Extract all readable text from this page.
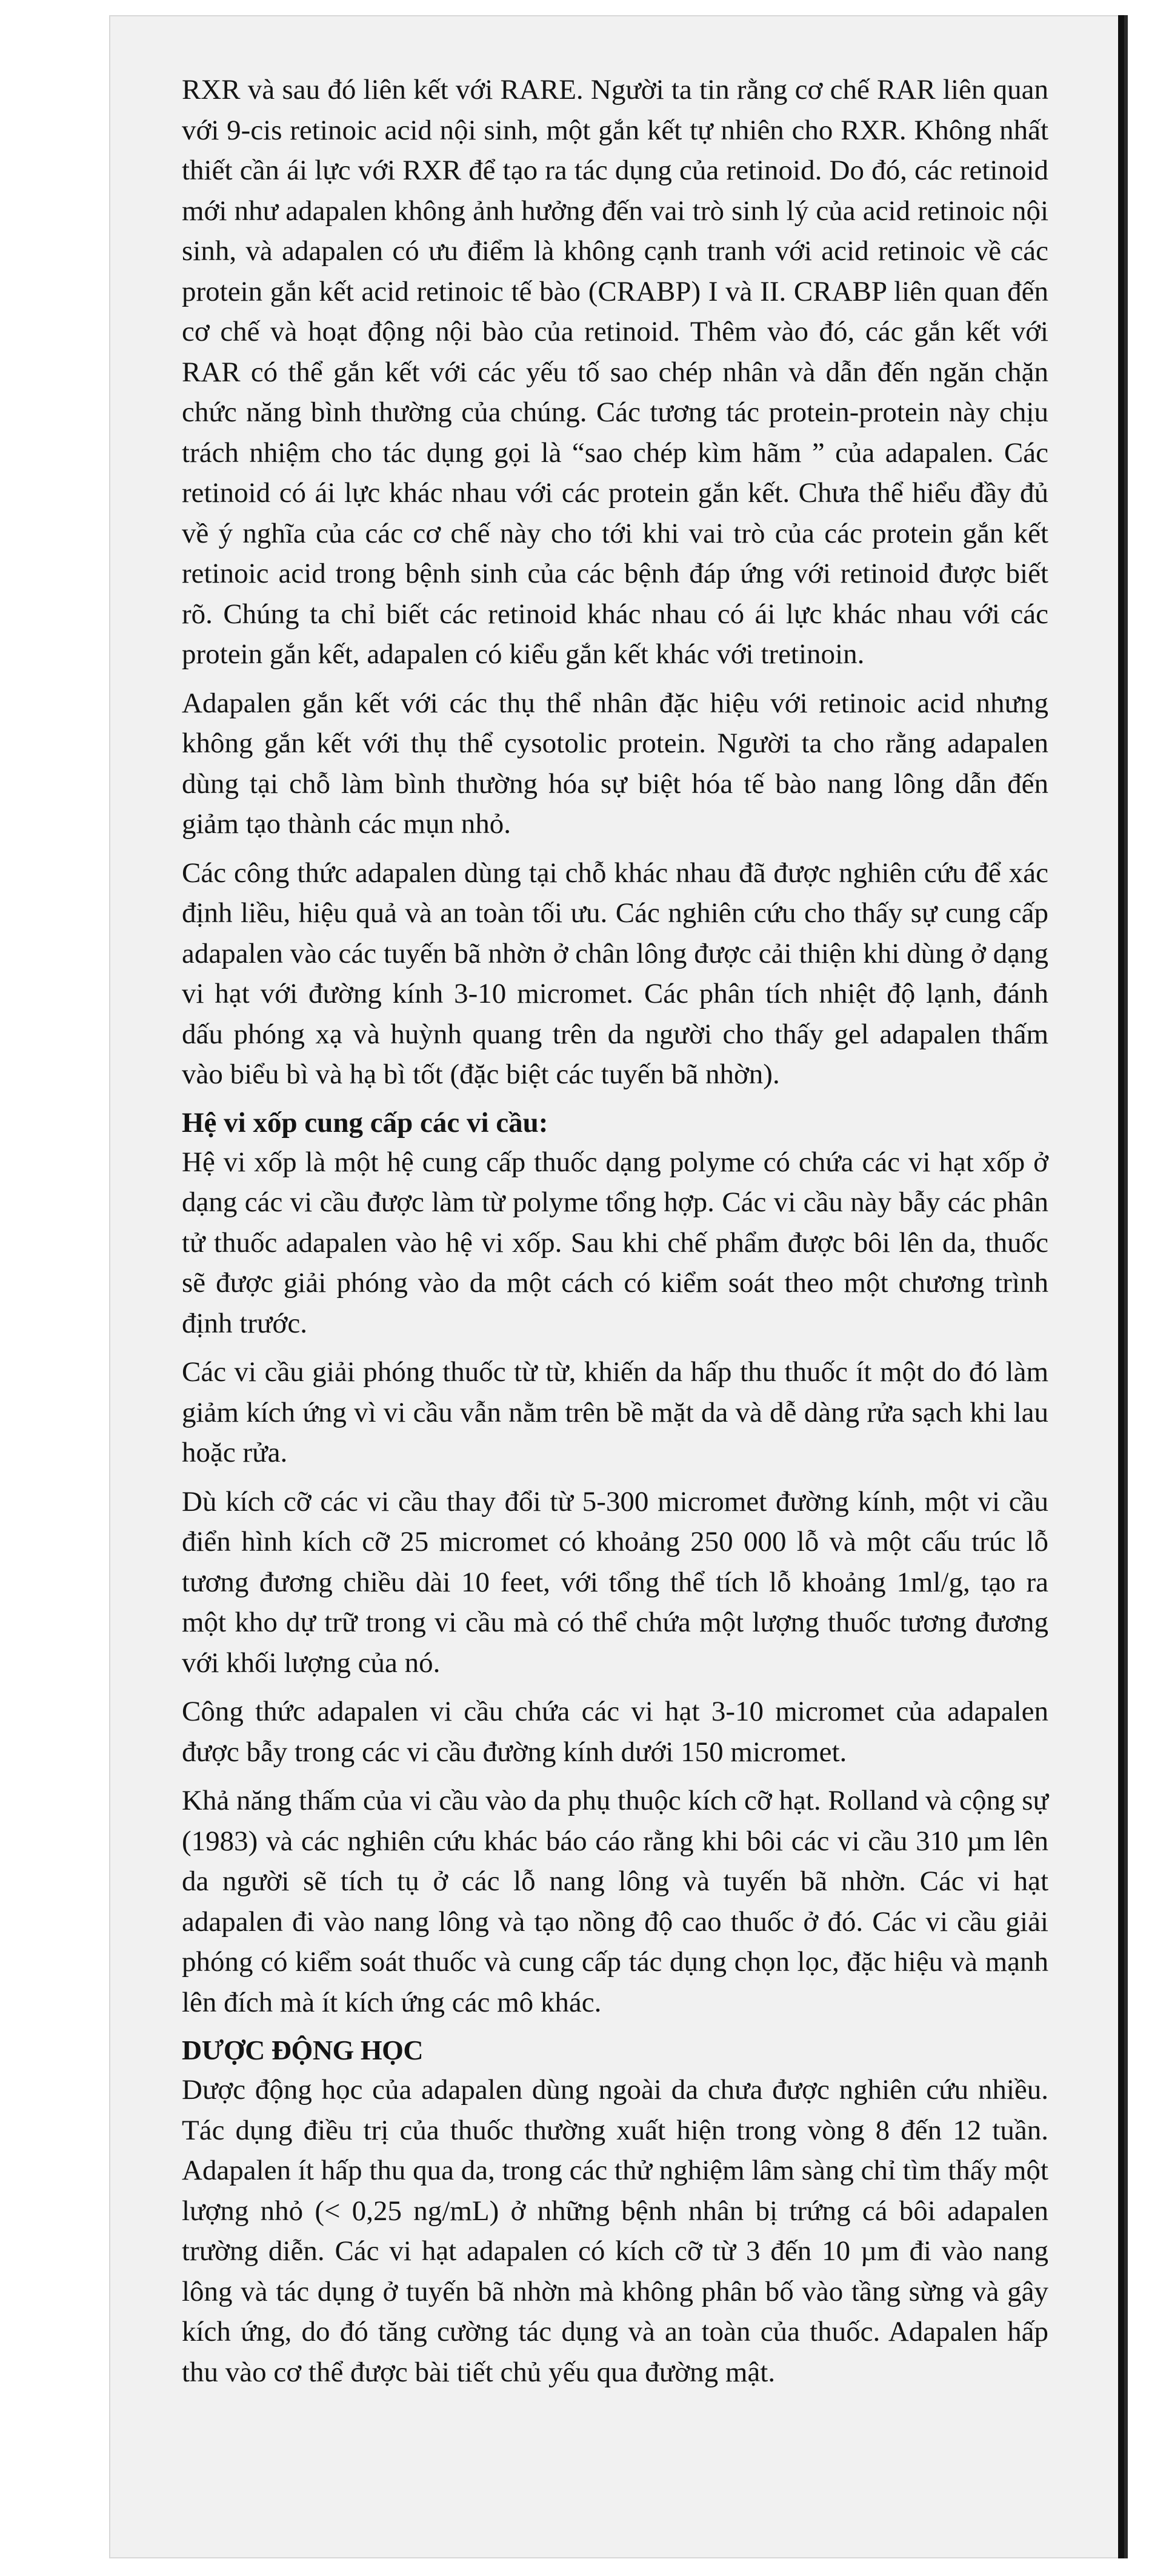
RXR và sau đó liên kết với RARE. Người ta tin rằng cơ chế RAR liên quan với 9-cis retinoic acid nội sinh, một gắn kết tự nhiên cho RXR. Không nhất thiết cần ái lực với RXR để tạo ra tác dụng của retinoid. Do đó, các retinoid mới như adapalen không ảnh hưởng đến vai trò sinh lý của acid retinoic nội sinh, và adapalen có ưu điểm là không cạnh tranh với acid retinoic về các protein gắn kết acid retinoic tế bào (CRABP) I và II. CRABP liên quan đến cơ chế và hoạt động nội bào của retinoid. Thêm vào đó, các gắn kết với RAR có thể gắn kết với các yếu tố sao chép nhân và dẫn đến ngăn chặn chức năng bình thường của chúng. Các tương tác protein-protein này chịu trách nhiệm cho tác dụng gọi là “sao chép kìm hãm ” của adapalen. Các retinoid có ái lực khác nhau với các protein gắn kết. Chưa thể hiểu đầy đủ về ý nghĩa của các cơ chế này cho tới khi vai trò của các protein gắn kết retinoic acid trong bệnh sinh của các bệnh đáp ứng với retinoid được biết rõ. Chúng ta chỉ biết các retinoid khác nhau có ái lực khác nhau với các protein gắn kết, adapalen có kiểu gắn kết khác với tretinoin.

Adapalen gắn kết với các thụ thể nhân đặc hiệu với retinoic acid nhưng không gắn kết với thụ thể cysotolic protein. Người ta cho rằng adapalen dùng tại chỗ làm bình thường hóa sự biệt hóa tế bào nang lông dẫn đến giảm tạo thành các mụn nhỏ.

Các công thức adapalen dùng tại chỗ khác nhau đã được nghiên cứu để xác định liều, hiệu quả và an toàn tối ưu. Các nghiên cứu cho thấy sự cung cấp adapalen vào các tuyến bã nhờn ở chân lông được cải thiện khi dùng ở dạng vi hạt với đường kính 3-10 micromet. Các phân tích nhiệt độ lạnh, đánh dấu phóng xạ và huỳnh quang trên da người cho thấy gel adapalen thấm vào biểu bì và hạ bì tốt (đặc biệt các tuyến bã nhờn).

Hệ vi xốp cung cấp các vi cầu:

Hệ vi xốp là một hệ cung cấp thuốc dạng polyme có chứa các vi hạt xốp ở dạng các vi cầu được làm từ polyme tổng hợp. Các vi cầu này bẫy các phân tử thuốc adapalen vào hệ vi xốp. Sau khi chế phẩm được bôi lên da, thuốc sẽ được giải phóng vào da một cách có kiểm soát theo một chương trình định trước.

Các vi cầu giải phóng thuốc từ từ, khiến da hấp thu thuốc ít một do đó làm giảm kích ứng vì vi cầu vẫn nằm trên bề mặt da và dễ dàng rửa sạch khi lau hoặc rửa.

Dù kích cỡ các vi cầu thay đổi từ 5-300 micromet đường kính, một vi cầu điển hình kích cỡ 25 micromet có khoảng 250 000 lỗ và một cấu trúc lỗ tương đương chiều dài 10 feet, với tổng thể tích lỗ khoảng 1ml/g, tạo ra một kho dự trữ trong vi cầu mà có thể chứa một lượng thuốc tương đương với khối lượng của nó.

Công thức adapalen vi cầu chứa các vi hạt 3-10 micromet của adapalen được bẫy trong các vi cầu đường kính dưới 150 micromet.

Khả năng thấm của vi cầu vào da phụ thuộc kích cỡ hạt. Rolland và cộng sự (1983) và các nghiên cứu khác báo cáo rằng khi bôi các vi cầu 310 µm lên da người sẽ tích tụ ở các lỗ nang lông và tuyến bã nhờn. Các vi hạt adapalen đi vào nang lông và tạo nồng độ cao thuốc ở đó. Các vi cầu giải phóng có kiểm soát thuốc và cung cấp tác dụng chọn lọc, đặc hiệu và mạnh lên đích mà ít kích ứng các mô khác.

DƯỢC ĐỘNG HỌC

Dược động học của adapalen dùng ngoài da chưa được nghiên cứu nhiều. Tác dụng điều trị của thuốc thường xuất hiện trong vòng 8 đến 12 tuần. Adapalen ít hấp thu qua da, trong các thử nghiệm lâm sàng chỉ tìm thấy một lượng nhỏ (< 0,25 ng/mL) ở những bệnh nhân bị trứng cá bôi adapalen trường diễn. Các vi hạt adapalen có kích cỡ từ 3 đến 10 µm đi vào nang lông và tác dụng ở tuyến bã nhờn mà không phân bố vào tầng sừng và gây kích ứng, do đó tăng cường tác dụng và an toàn của thuốc. Adapalen hấp thu vào cơ thể được bài tiết chủ yếu qua đường mật.
